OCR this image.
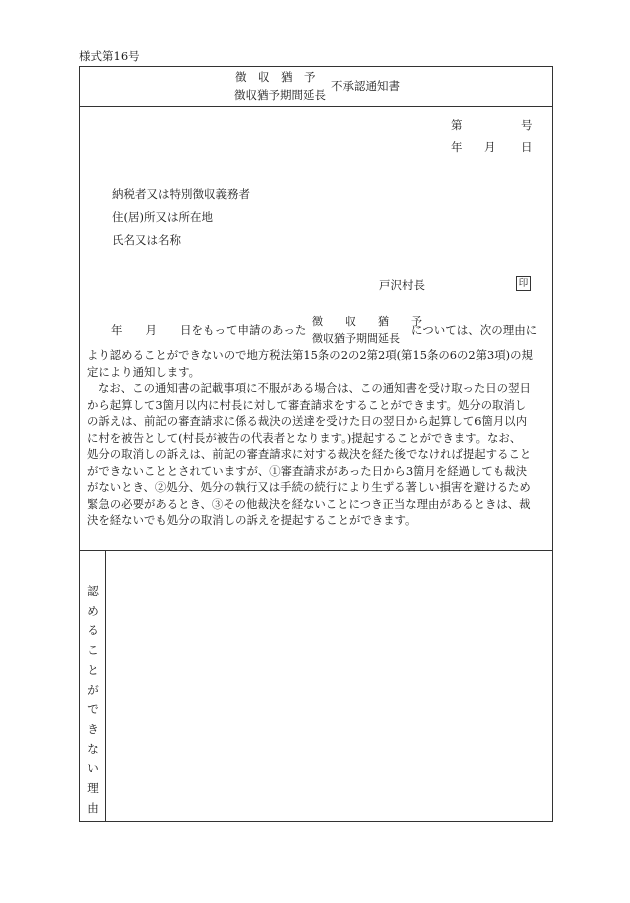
様式第16号
徴　収　猶　予
徴収猶予期間延長
不承認通知書
第	号
年 月 日
納税者又は特別徴収義務者
住(居)所又は所在地
氏名又は名称
戸沢村長	印
年　　月　　日をもって申請のあった
徴　　収　　猶　　予
徴収猶予期間延長
については、次の理由に
より認めることができないので地方税法第15条の2の2第2項(第15条の6の2第3項)の規
定により通知します。
なお、この通知書の記載事項に不服がある場合は、この通知書を受け取った日の翌日
から起算して3箇月以内に村長に対して審査請求をすることができます。処分の取消し
の訴えは、前記の審査請求に係る裁決の送達を受けた日の翌日から起算して6箇月以内
に村を被告として(村長が被告の代表者となります。)提起することができます。なお、
処分の取消しの訴えは、前記の審査請求に対する裁決を経た後でなければ提起すること
ができないこととされていますが、①審査請求があった日から3箇月を経過しても裁決
がないとき、②処分、処分の執行又は手続の続行により生ずる著しい損害を避けるため
緊急の必要があるとき、③その他裁決を経ないことにつき正当な理由があるときは、裁
決を経ないでも処分の取消しの訴えを提起することができます。
認
め
る
こ
と
が
で
き
な
い
理
由
